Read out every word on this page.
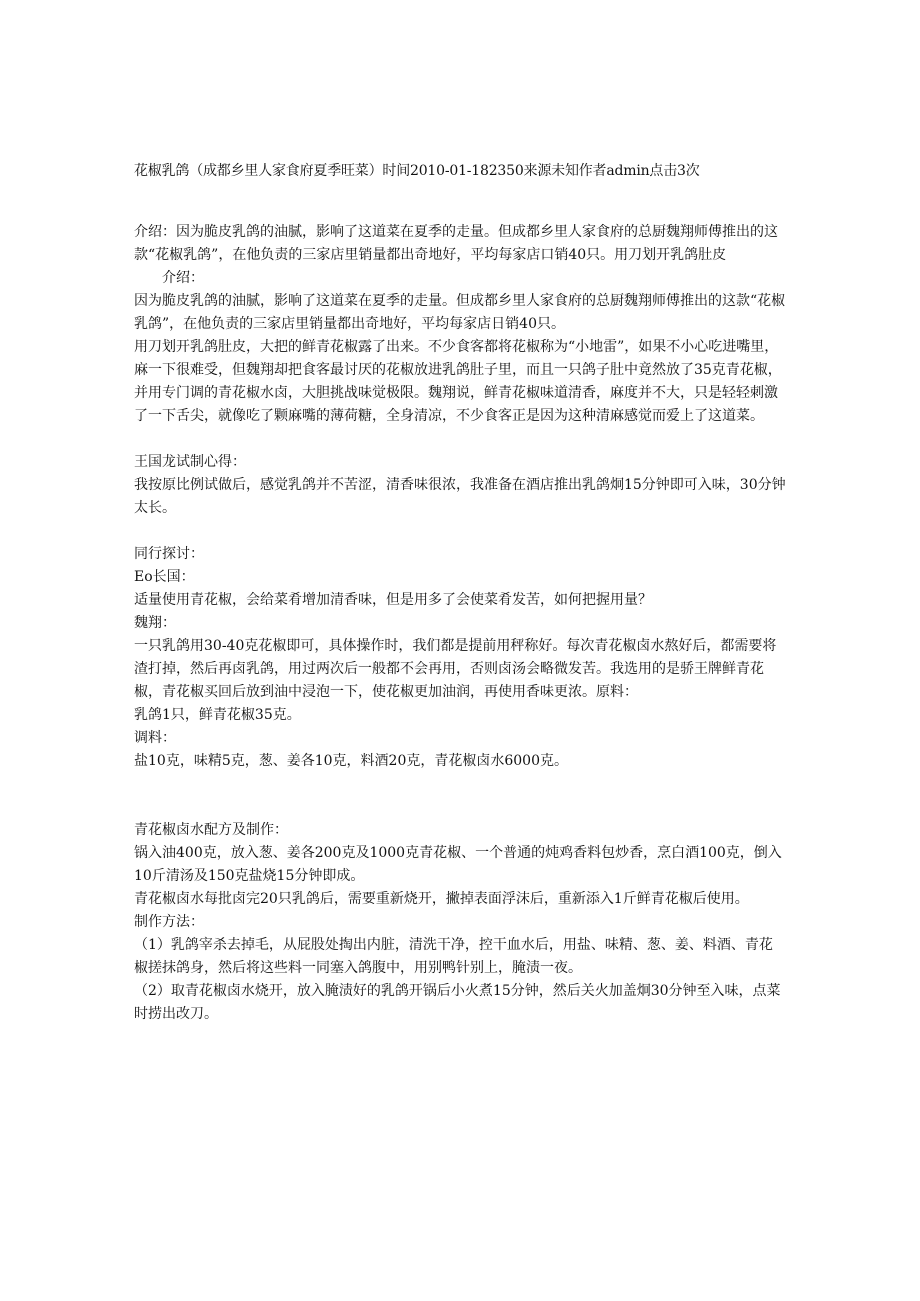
花椒乳鸽（成都乡里人家食府夏季旺菜）时间2010-01-182350来源未知作者admin点击3次

介绍：因为脆皮乳鸽的油腻，影响了这道菜在夏季的走量。但成都乡里人家食府的总厨魏翔师傅推出的这款“花椒乳鸽”，在他负责的三家店里销量都出奇地好，平均每家店口销40只。用刀划开乳鸽肚皮

介绍：

因为脆皮乳鸽的油腻，影响了这道菜在夏季的走量。但成都乡里人家食府的总厨魏翔师傅推出的这款“花椒乳鸽”，在他负责的三家店里销量都出奇地好，平均每家店日销40只。

用刀划开乳鸽肚皮，大把的鲜青花椒露了出来。不少食客都将花椒称为“小地雷”，如果不小心吃进嘴里，麻一下很难受，但魏翔却把食客最讨厌的花椒放进乳鸽肚子里，而且一只鸽子肚中竟然放了35克青花椒，并用专门调的青花椒水卤，大胆挑战味觉极限。魏翔说，鲜青花椒味道清香，麻度并不大，只是轻轻刺激了一下舌尖，就像吃了颗麻嘴的薄荷糖，全身清凉，不少食客正是因为这种清麻感觉而爱上了这道菜。

王国龙试制心得：

我按原比例试做后，感觉乳鸽并不苦涩，清香味很浓，我准备在酒店推出乳鸽炯15分钟即可入味，30分钟太长。

同行探讨：

Eo长国：

适量使用青花椒，会给菜肴增加清香味，但是用多了会使菜肴发苦，如何把握用量？

魏翔：

一只乳鸽用30-40克花椒即可，具体操作时，我们都是提前用秤称好。每次青花椒卤水熬好后，都需要将渣打掉，然后再卤乳鸽，用过两次后一般都不会再用，否则卤汤会略微发苦。我选用的是骄王牌鲜青花椒，青花椒买回后放到油中浸泡一下，使花椒更加油润，再使用香味更浓。原料：

乳鸽1只，鲜青花椒35克。

调料：

盐10克，味精5克，葱、姜各10克，料酒20克，青花椒卤水6000克。

青花椒卤水配方及制作：

锅入油400克，放入葱、姜各200克及1000克青花椒、一个普通的炖鸡香料包炒香，烹白酒100克，倒入10斤清汤及150克盐烧15分钟即成。

青花椒卤水每批卤完20只乳鸽后，需要重新烧开，撇掉表面浮沫后，重新添入1斤鲜青花椒后使用。

制作方法：

（1）乳鸽宰杀去掉毛，从屁股处掏出内脏，清洗干净，控干血水后，用盐、味精、葱、姜、料酒、青花椒搓抹鸽身，然后将这些料一同塞入鸽腹中，用别鸭针别上，腌渍一夜。

（2）取青花椒卤水烧开，放入腌渍好的乳鸽开锅后小火煮15分钟，然后关火加盖炯30分钟至入味，点菜时捞出改刀。
